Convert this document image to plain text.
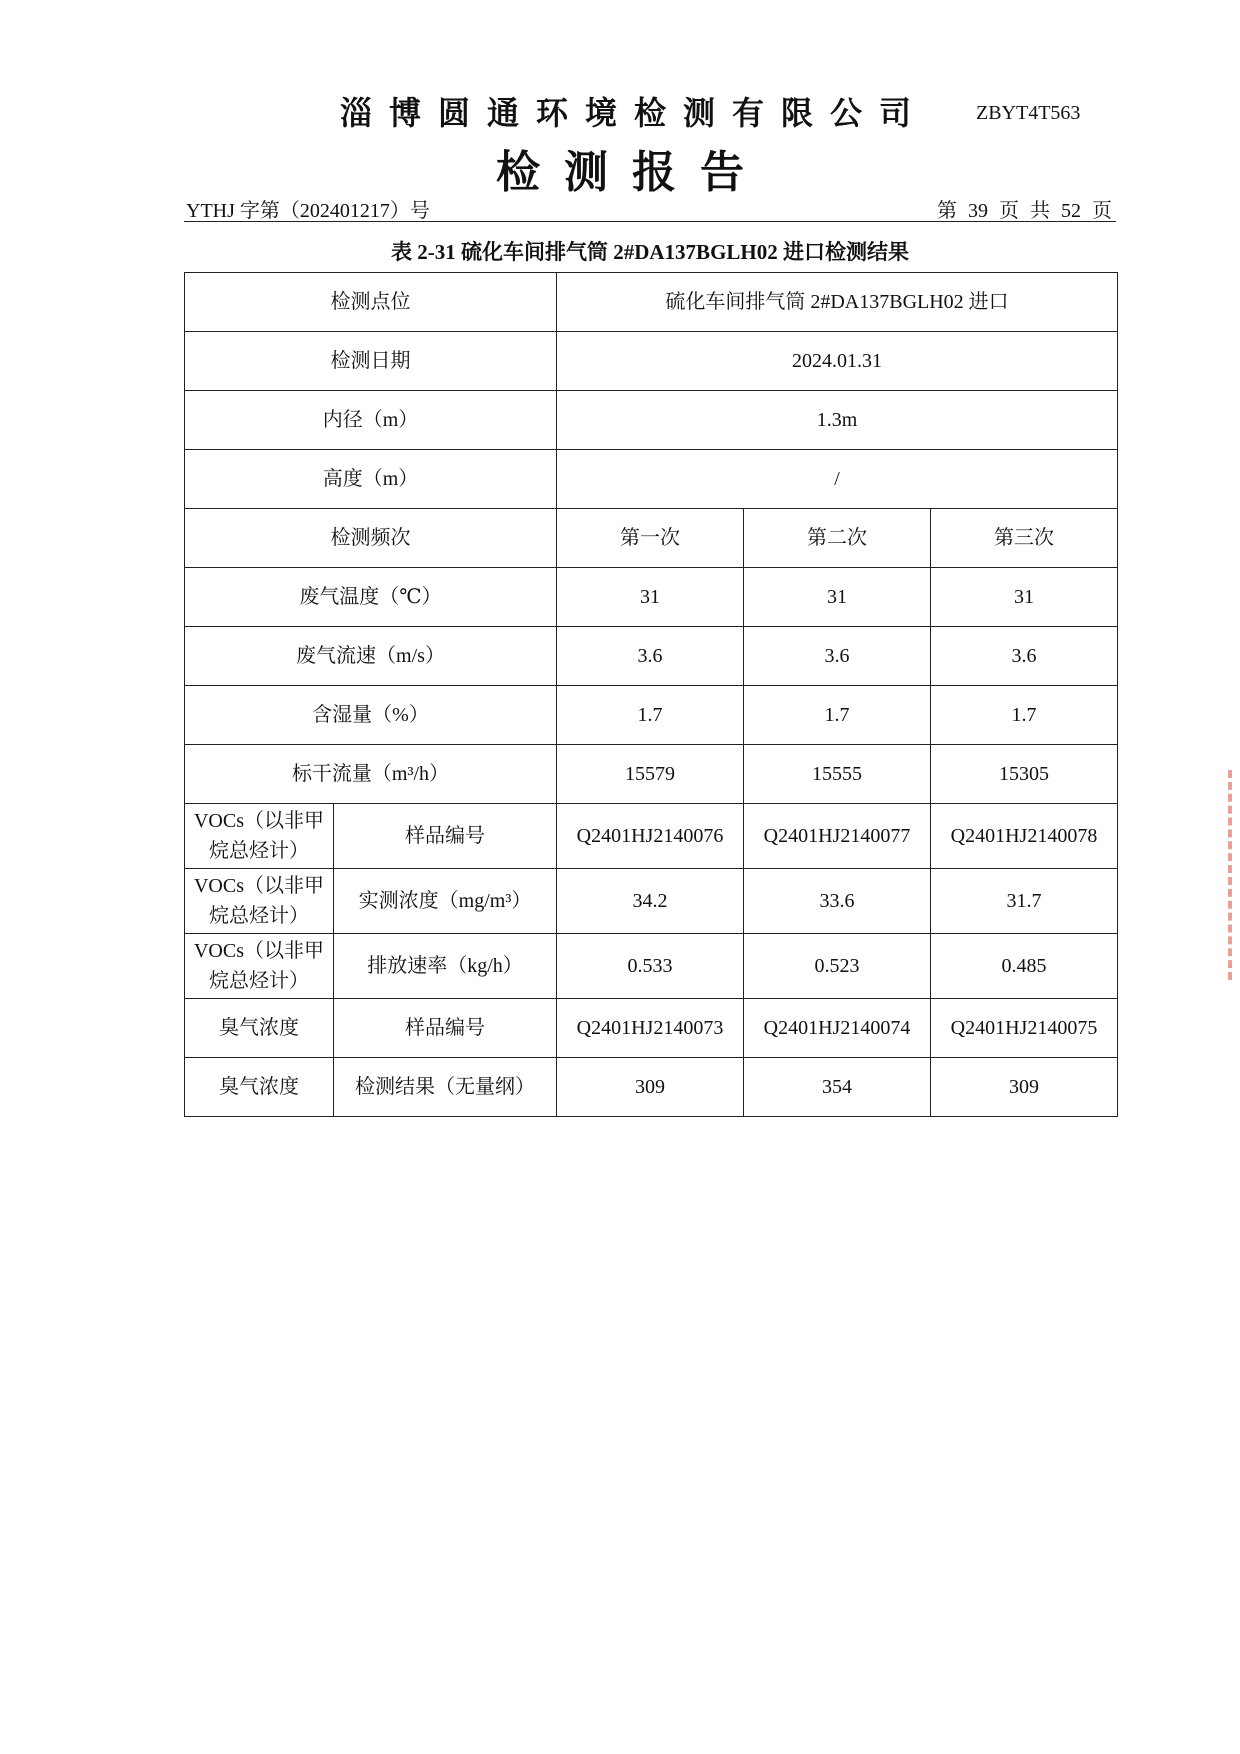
淄博圆通环境检测有限公司 ZBYT4T563
检测报告
YTHJ 字第（202401217）号	第 39 页 共 52 页
表 2-31 硫化车间排气筒 2#DA137BGLH02 进口检测结果
检测点位		硫化车间排气筒 2#DA137BGLH02 进口		
检测日期		2024.01.31		
内径（m）		1.3m		
高度（m）		/		
检测频次		第一次	第二次	第三次
废气温度（℃）		31	31	31
废气流速（m/s）		3.6	3.6	3.6
含湿量（%）		1.7	1.7	1.7
标干流量（m³/h）		15579	15555	15305
VOCs（以非甲烷总烃计）	样品编号	Q2401HJ2140076	Q2401HJ2140077	Q2401HJ2140078
VOCs（以非甲烷总烃计）	实测浓度（mg/m³）	34.2	33.6	31.7
VOCs（以非甲烷总烃计）	排放速率（kg/h）	0.533	0.523	0.485
臭气浓度	样品编号	Q2401HJ2140073	Q2401HJ2140074	Q2401HJ2140075
臭气浓度	检测结果（无量纲）	309	354	309
